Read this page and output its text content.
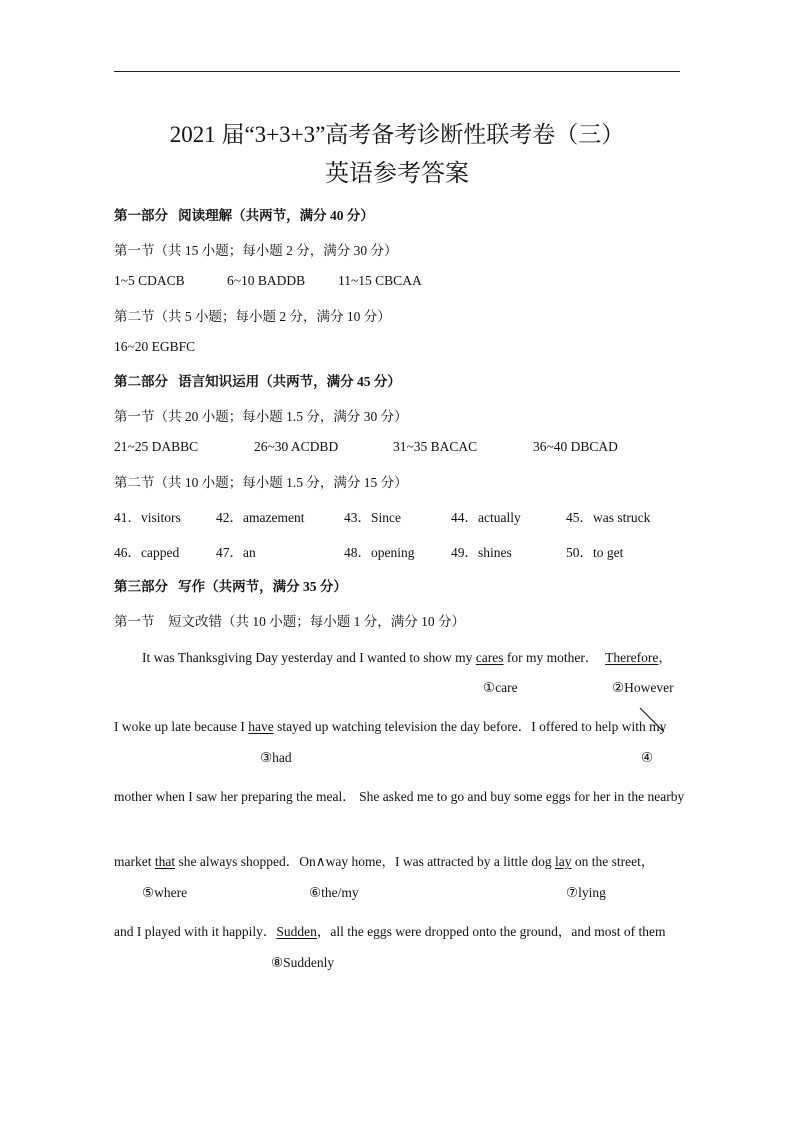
2021 届“3+3+3”高考备考诊断性联考卷（三）
英语参考答案
第一部分 阅读理解（共两节，满分 40 分）
第一节（共 15 小题；每小题 2 分，满分 30 分）
1~5 CDACB	6~10 BADDB 11~15 CBCAA
第二节（共 5 小题；每小题 2 分，满分 10 分）
16~20 EGBFC
第二部分 语言知识运用（共两节，满分 45 分）
第一节（共 20 小题；每小题 1.5 分，满分 30 分）
21~25 DABBC	26~30 ACDBD	31~35 BACAC	36~40 DBCAD
第二节（共 10 小题；每小题 1.5 分，满分 15 分）
41．visitors	42．amazement	43．Since	44．actually	45．was struck
46．capped	47．an	48．opening	49．shines	50．to get
第三部分 写作（共两节，满分 35 分）
第一节　短文改错（共 10 小题；每小题 1 分，满分 10 分）
It was Thanksgiving Day yesterday and I wanted to show my cares for my mother． Therefore，
①care	②However
I woke up late because I have stayed up watching television the day before．I offered to help with my
③had	④
mother when I saw her preparing the meal． She asked me to go and buy some eggs for her in the nearby
market that she always shopped．On∧way home，I was attracted by a little dog lay on the street，
⑤where	⑥the/my	⑦lying
and I played with it happily．Sudden，all the eggs were dropped onto the ground，and most of them
⑧Suddenly
